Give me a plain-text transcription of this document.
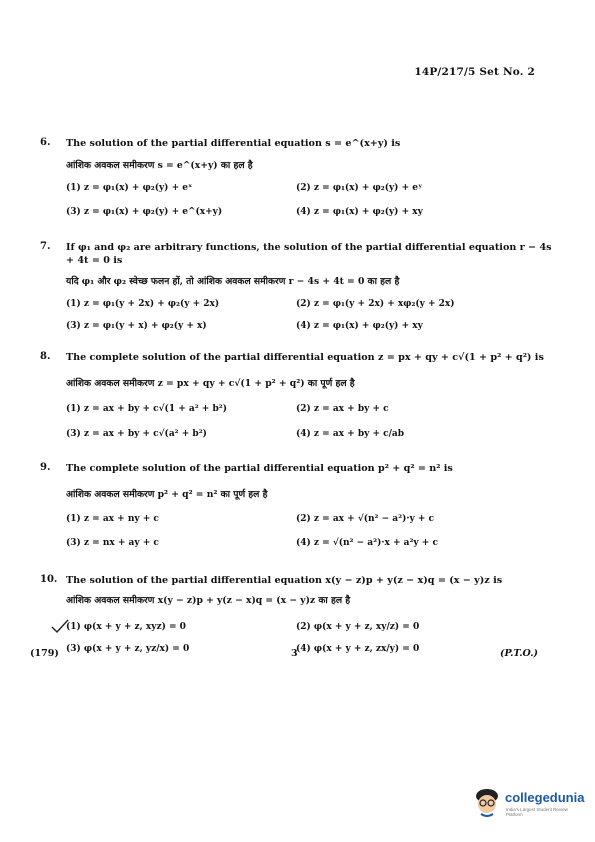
14P/217/5 Set No. 2
6. The solution of the partial differential equation s = e^(x+y) is
आंशिक अवकल समीकरण s = e^(x+y) का हल है
(1) z = φ₁(x) + φ₂(y) + eˣ	(2) z = φ₁(x) + φ₂(y) + eʸ
(3) z = φ₁(x) + φ₂(y) + e^(x+y)	(4) z = φ₁(x) + φ₂(y) + xy
7. If φ₁ and φ₂ are arbitrary functions, the solution of the partial differential equation r − 4s + 4t = 0 is
यदि φ₁ और φ₂ स्वेच्छ फलन हों, तो आंशिक अवकल समीकरण r − 4s + 4t = 0 का हल है
(1) z = φ₁(y + 2x) + φ₂(y + 2x)	(2) z = φ₁(y + 2x) + xφ₂(y + 2x)
(3) z = φ₁(y + x) + φ₂(y + x)	(4) z = φ₁(x) + φ₂(y) + xy
8. The complete solution of the partial differential equation z = px + qy + c√(1 + p² + q²) is
आंशिक अवकल समीकरण z = px + qy + c√(1 + p² + q²) का पूर्ण हल है
(1) z = ax + by + c√(1 + a² + b²)	(2) z = ax + by + c
(3) z = ax + by + c√(a² + b²)	(4) z = ax + by + c/ab
9. The complete solution of the partial differential equation p² + q² = n² is
आंशिक अवकल समीकरण p² + q² = n² का पूर्ण हल है
(1) z = ax + ny + c	(2) z = ax + √(n² − a²)·y + c
(3) z = nx + ay + c	(4) z = √(n² − a²)·x + a²y + c
10. The solution of the partial differential equation x(y − z)p + y(z − x)q = (x − y)z is
आंशिक अवकल समीकरण x(y − z)p + y(z − x)q = (x − y)z का हल है
(1) φ(x + y + z, xyz) = 0	(2) φ(x + y + z, xy/z) = 0
(3) φ(x + y + z, yz/x) = 0	(4) φ(x + y + z, zx/y) = 0
(179)	3	(P.T.O.)
collegedunia
India's Largest Student Review Platform
